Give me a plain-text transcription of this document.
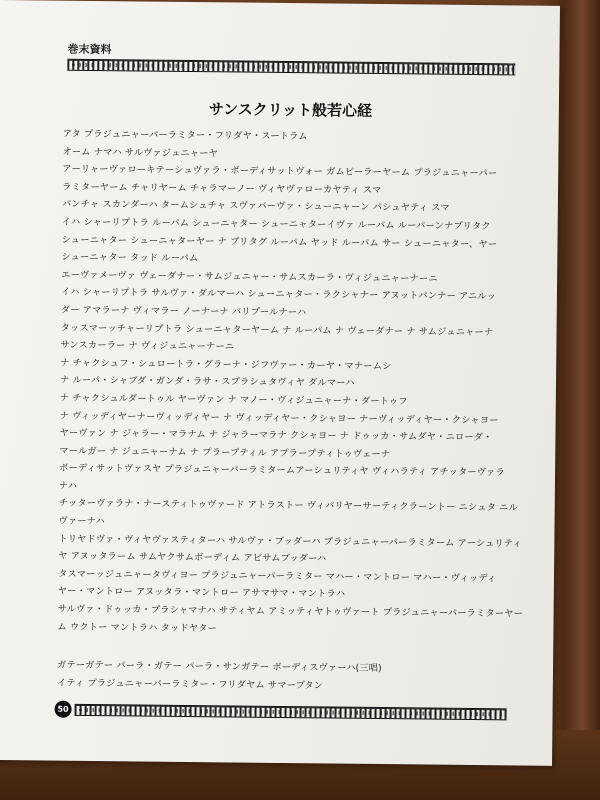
巻末資料
サンスクリット般若心経
アタ プラジュニャーパーラミター・フリダヤ・スートラム
オーム ナマハ サルヴァジュニャーヤ
アーリャーヴァローキテーシュヴァラ・ボーディサットヴォー ガムビーラーヤーム プラジュニャーパー
ラミターヤーム チャリヤーム チャラマーノー ヴィヤヴァローカヤティ スマ
パンチャ スカンダーハ タームシュチャ スヴァバーヴァ・シューニャーン パシュヤティ スマ
イハ シャーリプトラ ルーパム シューニャター シューニャターイヴァ ルーパム ルーパーンナプリタク
シューニャター シューニャターヤー ナ プリタグ ルーパム ヤッド ルーパム サー シューニャター、ヤー
シューニャター タッド ルーパム
エーヴァメーヴァ ヴェーダナー・サムジュニャー・サムスカーラ・ヴィジュニャーナーニ
イハ シャーリプトラ サルヴァ・ダルマーハ シューニャター・ラクシャナー アヌットパンナー アニルッ
ダー アマラーナ ヴィマラー ノーナーナ パリプールナーハ
タッスマーッチャーリプトラ シューニャターヤーム ナ ルーパム ナ ヴェーダナー ナ サムジュニャーナ
サンスカーラー ナ ヴィジュニャーナーニ
ナ チャクシュフ・シュロートラ・グラーナ・ジフヴァー・カーヤ・マナームシ
ナ ルーパ・シャブダ・ガンダ・ラサ・スプラシュタヴィヤ ダルマーハ
ナ チャクシュルダートゥル ヤーヴァン ナ マノー・ヴィジュニャーナ・ダートゥフ
ナ ヴィッディヤーナーヴィッディヤー ナ ヴィッディヤー・クシャヨー ナーヴィッディヤー・クシャヨー
ヤーヴァン ナ ジャラー・マラナム ナ ジャラーマラナ クシャヨー ナ ドゥッカ・サムダヤ・ニローダ・
マールガー ナ ジュニャーナム ナ プラープティル アプラープティトゥヴェーナ
ボーディサットヴァスヤ プラジュニャーパーラミタームアーシュリティヤ ヴィハラティ アチッターヴァラ
ナハ
チッターヴァラナ・ナースティトゥヴァード アトラストー ヴィパリヤーサーティクラーントー ニシュタ ニル
ヴァーナハ
トリヤドヴァ・ヴィヤヴァスティターハ サルヴァ・ブッダーハ プラジュニャーパーラミターム アーシュリティ
ヤ アヌッタラーム サムヤクサムボーディム アビサムブッダーハ
タスマーッジュニャータヴィヨー プラジュニャーパーラミター マハー・マントロー マハー・ヴィッディ
ヤー・マントロー アヌッタラ・マントロー アサマサマ・マントラハ
サルヴァ・ドゥッカ・プラシャマナハ サティヤム アミッティヤトゥヴァート プラジュニャーパーラミターヤー
ム ウクトー マントラハ タッドヤター
ガテーガテー パーラ・ガテー パーラ・サンガテー ボーディスヴァーハ(三唱)
イティ プラジュニャーパーラミター・フリダヤム サマープタン
50
